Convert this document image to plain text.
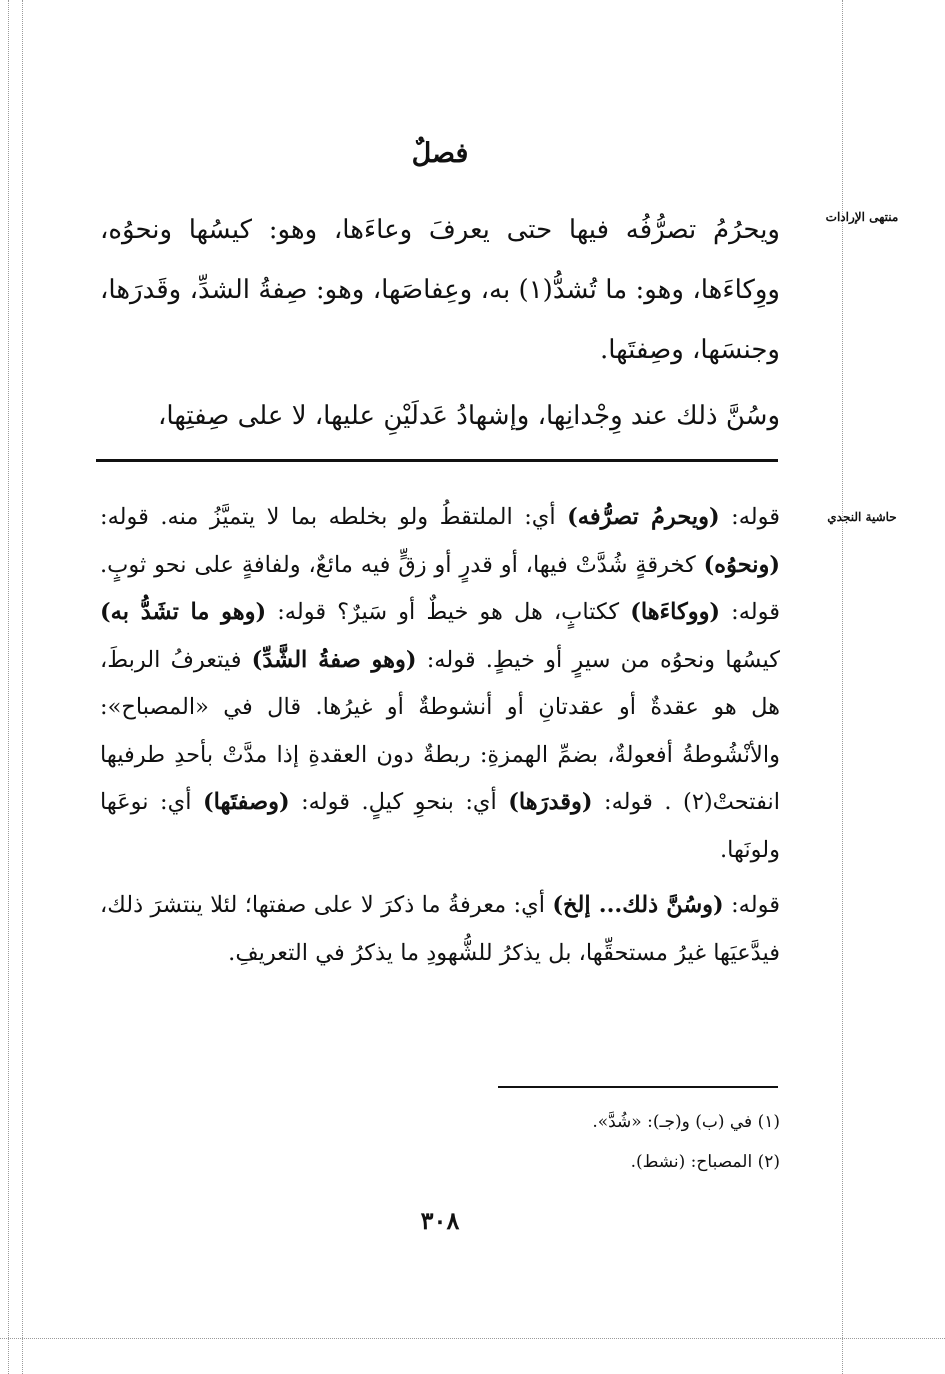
فصلٌ
منتهى الإرادات

ويحرُمُ تصرُّفُه فيها حتى يعرفَ وعاءَها، وهو: كيسُها ونحوُه، ووِكاءَها، وهو: ما تُشدُّ(١) به، وعِفاصَها، وهو: صِفةُ الشدِّ، وقَدرَها، وجنسَها، وصِفتَها.

وسُنَّ ذلك عند وِجْدانِها، وإشهادُ عَدلَيْنِ عليها، لا على صِفتِها،

حاشية النجدي

قوله: (ويحرمُ تصرُّفه) أي: الملتقطُ ولو بخلطه بما لا يتميَّزُ منه. قوله: (ونحوُه) كخرقةٍ شُدَّتْ فيها، أو قدرٍ أو زقٍّ فيه مائعٌ، ولفافةٍ على نحو ثوبٍ. قوله: (ووكاءَها) ككتابٍ، هل هو خيطٌ أو سَيرٌ؟ قوله: (وهو ما تشَدُّ به) كيسُها ونحوُه من سيرٍ أو خيطٍ. قوله: (وهو صفةُ الشَّدِّ) فيتعرفُ الربطَ، هل هو عقدةٌ أو عقدتانِ أو أنشوطةٌ أو غيرُها. قال في «المصباح»: والأنْشُوطةُ أفعولةٌ، بضمِّ الهمزةِ: ربطةٌ دون العقدةِ إذا مدَّتْ بأحدِ طرفيها انفتحتْ(٢) . قوله: (وقدرَها) أي: بنحوِ كيلٍ. قوله: (وصفتَها) أي: نوعَها ولونَها.

قوله: (وسُنَّ ذلك... إلخ) أي: معرفةُ ما ذكرَ لا على صفتها؛ لئلا ينتشرَ ذلك، فيدَّعيَها غيرُ مستحقِّها، بل يذكرُ للشُّهودِ ما يذكرُ في التعريفِ.

(١) في (ب) و(جـ): «شُدَّ».

(٢) المصباح: (نشط).

٣٠٨
